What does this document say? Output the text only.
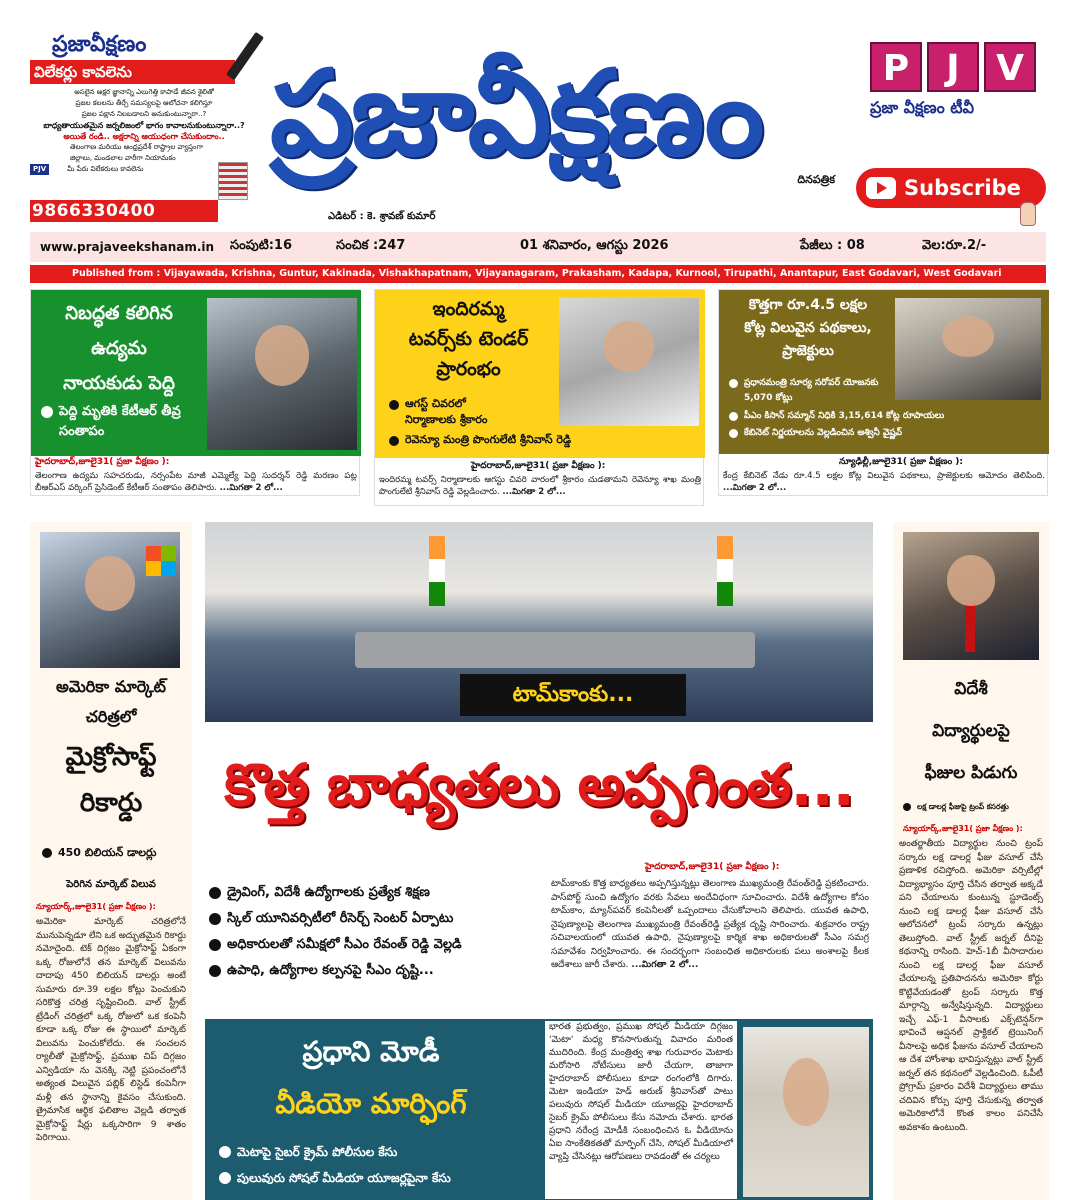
ప్రజావీక్షణం
విలేకర్లు కావలెను
అసలైన అక్షర జ్ఞానాన్ని ఎలుగెత్తి కాపాడే జీవన శైలితో
ప్రజల కలలను తీర్చే సమస్యలపై ఆలోచనా కలిగిస్తూ
ప్రజల పక్షాన నిలబడాలని అనుకుంటున్నారా..?
బాధ్యతాయుతమైన జర్నలిజంలో భాగం కావాలనుకుంటున్నారా..?
అయితే రండి.. అక్షరాన్ని ఆయుధంగా చేసుకుందాం..
తెలంగాణ మరియు ఆంధ్రప్రదేశ్ రాష్ట్రాల వ్యాప్తంగా
జిల్లాలు, మండలాల వారీగా నియామకం
PJV	మీ పేరు విలేకరులు కావలెను
9866330400
ప్రజావీక్షణం	దినపత్రిక
ఎడిటర్ : కె. శ్రావణ్ కుమార్
P	J	V
ప్రజా వీక్షణం టీవీ
Subscribe
www.prajaveekshanam.in సంపుటి:16	సంచిక :247	01 శనివారం, ఆగస్టు 2026	పేజీలు : 08	వెల:రూ.2/-
Published from : Vijayawada, Krishna, Guntur, Kakinada, Vishakhapatnam, Vijayanagaram, Prakasham, Kadapa, Kurnool, Tirupathi, Anantapur, East Godavari, West Godavari
నిబద్ధత కలిగిన
ఉద్యమ
నాయకుడు పెద్ది
పెద్ది మృతికి కేటీఆర్ తీవ్ర సంతాపం
హైదరాబాద్,జూలై31( ప్రజా వీక్షణం ):
తెలంగాణ ఉద్యమ సహచరుడు, నర్సంపేట మాజీ ఎమ్మెల్యే పెద్ది సుదర్శన్ రెడ్డి మరణం పట్ల బీఆర్ఎస్ వర్కింగ్ ప్రెసిడెంట్ కేటీఆర్ సంతాపం తెలిపారు. ...మిగతా 2 లో...
ఇందిరమ్మ
టవర్స్‌కు టెండర్
ప్రారంభం
ఆగస్ట్ చివరలో నిర్మాణాలకు శ్రీకారం
రెవెన్యూ మంత్రి పొంగులేటి శ్రీనివాస్ రెడ్డి
హైదరాబాద్,జూలై31( ప్రజా వీక్షణం ):
ఇందిరమ్మ టవర్స్ నిర్మాణాలకు ఆగస్టు చివరి వారంలో శ్రీకారం చుడతామని రెవెన్యూ శాఖ మంత్రి పొంగులేటి శ్రీనివాస్ రెడ్డి వెల్లడించారు. ...మిగతా 2 లో...
కొత్తగా రూ.4.5 లక్షల
కోట్ల విలువైన పథకాలు,
ప్రాజెక్టులు
ప్రధానమంత్రి సూర్య సరోవర్ యోజనకు 5,070 కోట్లు
పీఎం కిసాన్ సమ్మాన్ నిధికి 3,15,614 కోట్ల రూపాయలు
కేబినెట్ నిర్ణయాలను వెల్లడించిన అశ్వినీ వైష్ణవ్
న్యూఢిల్లీ,జూలై31( ప్రజా వీక్షణం ):
కేంద్ర కేబినెట్ నేడు రూ.4.5 లక్షల కోట్ల విలువైన పథకాలు, ప్రాజెక్టులకు ఆమోదం తెలిపింది. ...మిగతా 2 లో...
అమెరికా మార్కెట్
చరిత్రలో
మైక్రోసాఫ్ట్
రికార్డు
450 బిలియన్ డాలర్లు
పెరిగిన మార్కెట్ విలువ
న్యూయార్క్,జూలై31( ప్రజా వీక్షణం ):
అమెరికా మార్కెట్ చరిత్రలోనే మునుపెన్నడూ లేని ఒక అద్భుతమైన రికార్డు నమోదైంది. టెక్ దిగ్గజం మైక్రోసాఫ్ట్ ఏకంగా ఒక్క రోజులోనే తన మార్కెట్ విలువను దాదాపు 450 బిలియన్ డాలర్లు అంటే సుమారు రూ.39 లక్షల కోట్లు పెంచుకుని సరికొత్త చరిత్ర సృష్టించింది. వాల్ స్ట్రీట్ ట్రేడింగ్ చరిత్రలో ఒక్క రోజులో ఒక కంపెనీ కూడా ఒక్క రోజు ఈ స్థాయిలో మార్కెట్ విలువను పెంచుకోలేదు. ఈ సంచలన ర్యాలీతో మైక్రోసాఫ్ట్, ప్రముఖ చిప్ దిగ్గజం ఎన్విడియా ను వెనక్కి నెట్టి ప్రపంచంలోనే అత్యంత విలువైన పబ్లిక్ లిస్టెడ్ కంపెనీగా మళ్లీ తన స్థానాన్ని కైవసం చేసుకుంది. త్రైమాసిక ఆర్థిక ఫలితాల వెల్లడి తర్వాత మైక్రోసాఫ్ట్ షేర్లు ఒక్కసారిగా 9 శాతం పెరిగాయి.
టామ్‌కాంకు...
కొత్త బాధ్యతలు అప్పగింత...
హైదరాబాద్,జూలై31( ప్రజా వీక్షణం ):
డ్రైవింగ్, విదేశీ ఉద్యోగాలకు ప్రత్యేక శిక్షణ
స్కిల్ యూనివర్సిటీలో రీసెర్చ్ సెంటర్ ఏర్పాటు
అధికారులతో సమీక్షలో సీఎం రేవంత్ రెడ్డి వెల్లడి
ఉపాధి, ఉద్యోగాల కల్పనపై సీఎం దృష్టి...
టామ్‌కాంకు కొత్త బాధ్యతలు అప్పగిస్తున్నట్లు తెలంగాణ ముఖ్యమంత్రి రేవంత్‌రెడ్డి ప్రకటించారు. పాస్‌పోర్ట్ సుంచి ఉద్యోగం వరకు సేవలు అందేవిధంగా సూచించారు. విదేశీ ఉద్యోగాల కోసం టామ్‌కాం, మ్యాన్‌పవర్ కంపెనీలతో ఒప్పందాలు చేసుకోవాలని తెలిపారు. యువత ఉపాధి, నైపుణ్యాలపై తెలంగాణ ముఖ్యమంత్రి రేవంత్‌రెడ్డి ప్రత్యేక దృష్టి సారించారు. శుక్రవారం రాష్ట్ర సచివాలయంలో యువత ఉపాధి, నైపుణ్యాలపై కార్మిక శాఖ అధికారులతో సీఎం సమగ్ర సమావేశం నిర్వహించారు. ఈ సందర్భంగా సంబంధిత అధికారులకు పలు అంశాలపై కీలక ఆదేశాలు జారీ చేశారు. ...మిగతా 2 లో...
విదేశీ
విద్యార్థులపై
ఫీజుల పిడుగు
లక్ష డాలర్ల ఫీజుపై ట్రంప్ కసరత్తు
న్యూయార్క్,జూలై31( ప్రజా వీక్షణం ):
అంతర్జాతీయ విద్యార్థుల నుంచి ట్రంప్ సర్కారు లక్ష డాలర్ల ఫీజు వసూల్ చేసే ప్రణాళిక రచిస్తోంది. అమెరికా వర్సిటీల్లో విద్యాభ్యాసం పూర్తి చేసిన తర్వాత అక్కడే పని చేయాలను కుంటున్న స్టూడెంట్స్ నుంచి లక్ష డాలర్ల ఫీజు వసూల్ చేసే ఆలోచనలో ట్రంప్ సర్కారు ఉన్నట్లు తెలుస్తోంది. వాల్ స్ట్రీట్ జర్నల్ దీనిపై కథనాన్ని రాసింది. హెచ్-1బీ వీసాదారుల నుంచి లక్ష డాలర్ల ఫీజు వసూల్ చేయాలన్న ప్రతిపాదనను అమెరికా కోర్టు కొట్టివేయడంతో ట్రంప్ సర్కారు కొత్త మార్గాన్ని అన్వేషిస్తున్నది. విద్యార్థులు ఇచ్చే ఎఫ్-1 వీసాలకు ఎక్స్‌టెన్షన్‌గా భావించే ఆప్షనల్ ప్రాక్టికల్ ట్రెయినింగ్ వీసాలపై అధిక ఫీజును వసూల్ చేయాలని ఆ దేశ హోంశాఖ భావిస్తున్నట్లు వాల్ స్ట్రీట్ జర్నల్ తన కథనంలో వెల్లడించింది. ఓపీటీ ప్రోగ్రామ్ ప్రకారం విదేశీ విద్యార్థులు తాము చదివిన కోర్సు పూర్తి చేసుకున్న తర్వాత అమెరికాలోనే కొంత కాలం పనిచేసే అవకాశం ఉంటుంది.
ప్రధాని మోడీ
వీడియో మార్ఫింగ్
మెటాపై సైబర్ క్రైమ్ పోలీసుల కేసు
పులువురు సోషల్ మీడియా యూజర్లపైనా కేసు
భారత ప్రభుత్వం, ప్రముఖ సోషల్ మీడియా దిగ్గజం 'మెటా' మధ్య కొనసాగుతున్న వివాదం మరింత ముదిరింది. కేంద్ర మంత్రిత్వ శాఖ గురువారం మెటాకు మరోసారి నోటీసులు జారీ చేయగా, తాజాగా హైదరాబాద్ పోలీసులు కూడా రంగంలోకి దిగారు. మెటా ఇండియా హెడ్ అరుణ్ శ్రీనివాస్‌తో పాటు పలువురు సోషల్ మీడియా యూజర్లపై హైదరాబాద్ సైబర్ క్రైమ్ పోలీసులు కేసు నమోదు చేశారు. భారత ప్రధాని నరేంద్ర మోడీకి సంబంధించిన ఓ వీడియోను ఏఐ సాంకేతికతతో మార్ఫింగ్ చేసి, సోషల్ మీడియాలో వ్యాప్తి చేసినట్లు ఆరోపణలు రావడంతో ఈ చర్యలు
